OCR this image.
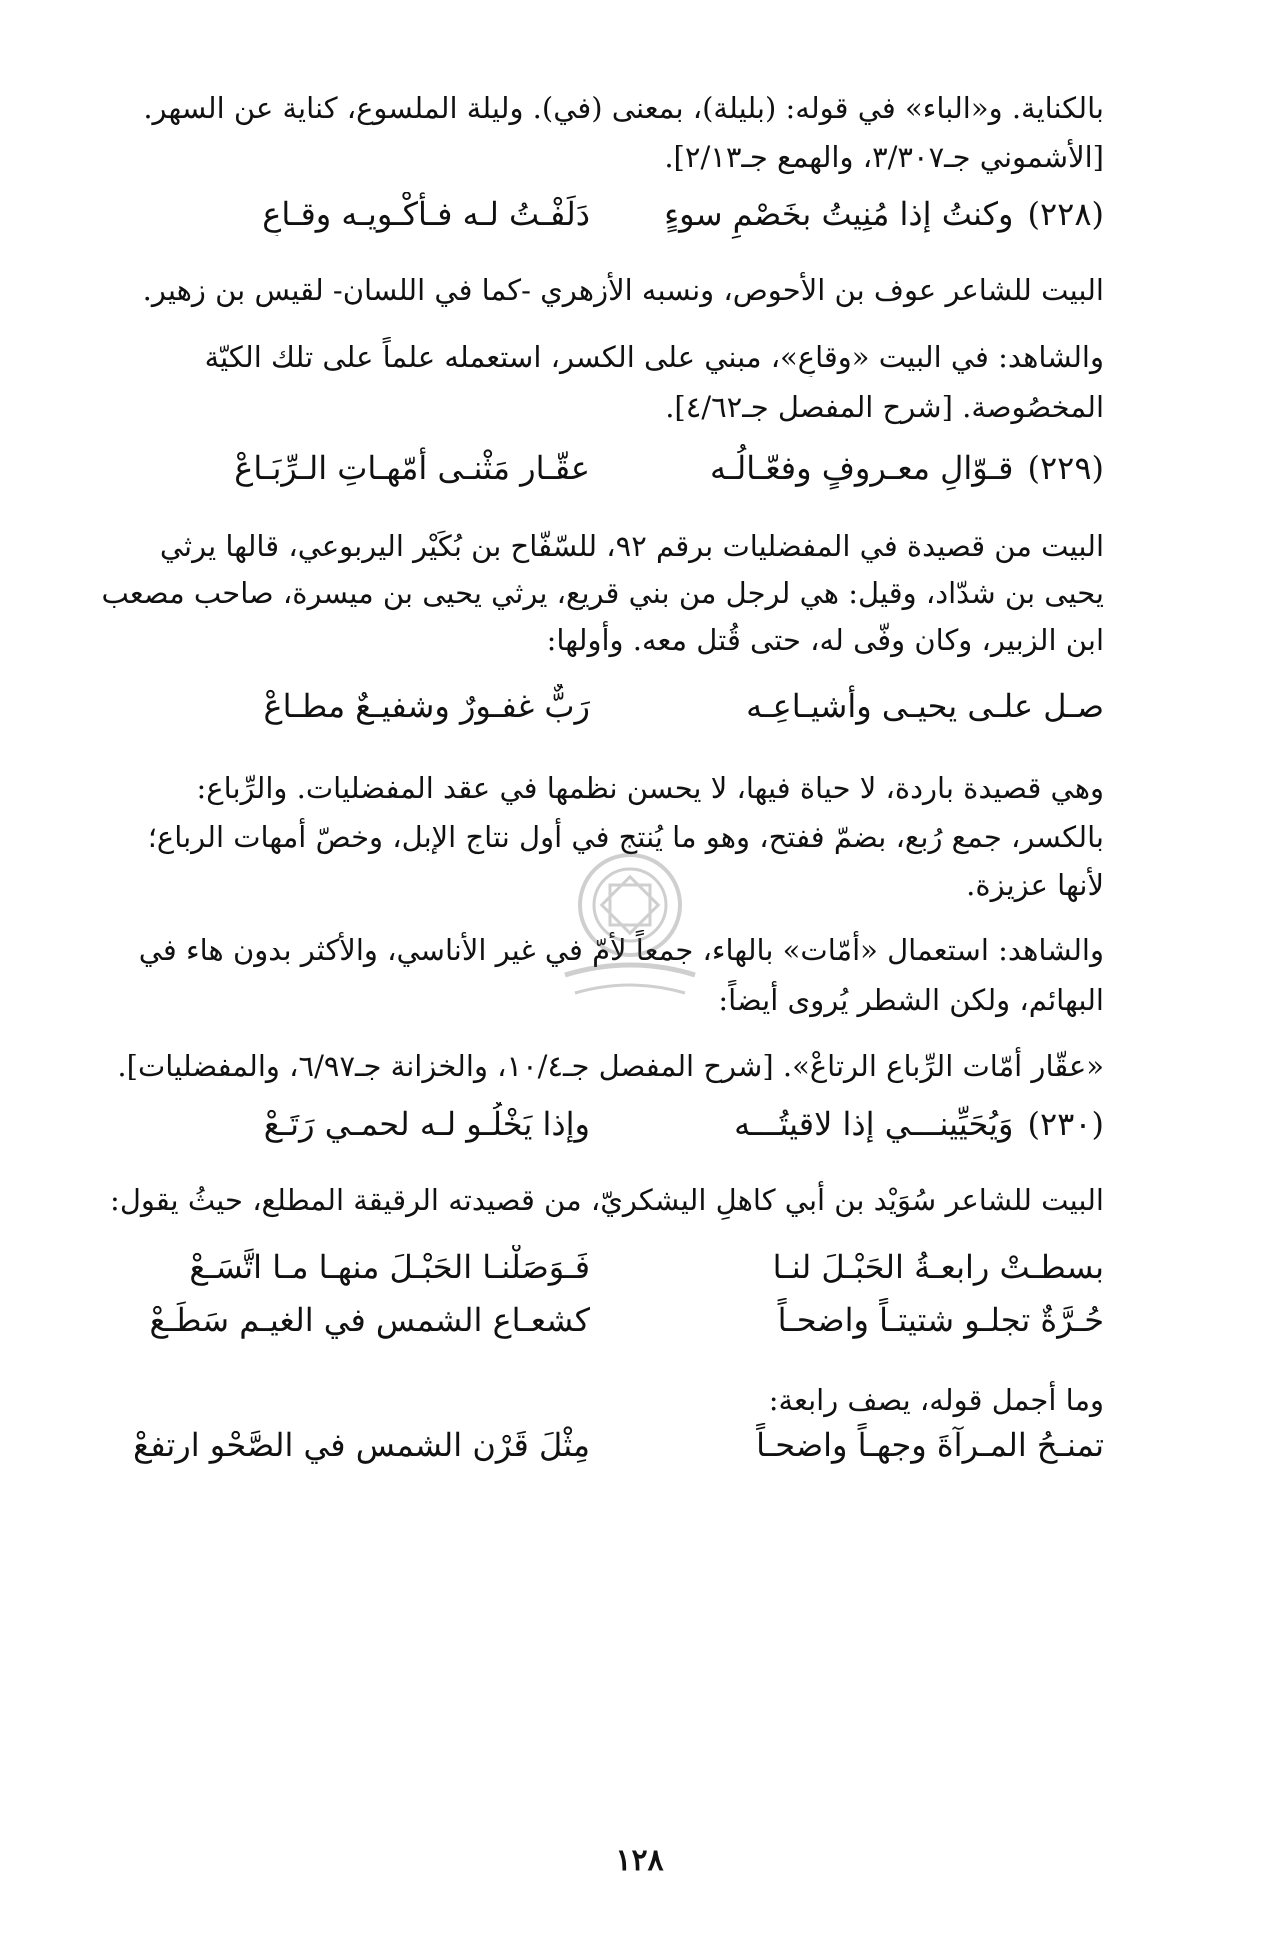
بالكناية. و«الباء» في قوله: (بليلة)، بمعنى (في). وليلة الملسوع، كناية عن السهر.
[الأشموني جـ٣/٣٠٧، والهمع جـ٢/١٣].
(٢٢٨)وكنتُ إذا مُنِيتُ بخَصْمِ سوءٍ
دَلَفْـتُ لـه فـأكْـويـه وقـاعِ
البيت للشاعر عوف بن الأحوص، ونسبه الأزهري -كما في اللسان- لقيس بن زهير.
والشاهد: في البيت «وقاعِ»، مبني على الكسر، استعمله علماً على تلك الكيّة
المخصُوصة. [شرح المفصل جـ٤/٦٢].
(٢٢٩)قـوّالِ معـروفٍ وفعّـالُـه
عقّـار مَثْنـى أُمّهـاتِ الـرِّبَـاعْ
البيت من قصيدة في المفضليات برقم ٩٢، للسّفّاح بن بُكَيْر اليربوعي، قالها يرثي
يحيى بن شدّاد، وقيل: هي لرجل من بني قريع، يرثي يحيى بن ميسرة، صاحب مصعب
ابن الزبير، وكان وفّى له، حتى قُتل معه. وأولها:
صـل علـى يحيـى وأشيـاعِـه
رَبٌّ غفـورٌ وشفيـعٌ مطـاعْ
وهي قصيدة باردة، لا حياة فيها، لا يحسن نظمها في عقد المفضليات. والرِّباع:
بالكسر، جمع رُبع، بضمّ ففتح، وهو ما يُنتج في أول نتاج الإبل، وخصّ أمهات الرباع؛
لأنها عزيزة.
والشاهد: استعمال «أمّات» بالهاء، جمعاً لأمّ في غير الأناسي، والأكثر بدون هاء في
البهائم، ولكن الشطر يُروى أيضاً:
«عقّار أمّات الرِّباع الرتاعْ». [شرح المفصل جـ١٠/٤، والخزانة جـ٦/٩٧، والمفضليات].
(٢٣٠)وَيُحَيِّينـــي إذا لاقيتُـــه
وإذا يَخْلُـو لـه لحمـي رَتَـعْ
البيت للشاعر سُوَيْد بن أبي كاهلٍ اليشكريّ، من قصيدته الرقيقة المطلع، حيثُ يقول:
بسطـتْ رابعـةُ الحَبْـلَ لنـا
فَـوَصَلْنـا الحَبْـلَ منهـا مـا اتَّسَـعْ
حُـرَّةٌ تجلـو شتيتـاً واضحـاً
كشعـاع الشمس في الغيـم سَطَـعْ
وما أجمل قوله، يصف رابعة:
تمنـحُ المـرآةَ وجهـاً واضحـاً
مِثْلَ قَرْن الشمس في الصَّحْو ارتفعْ
١٢٨
